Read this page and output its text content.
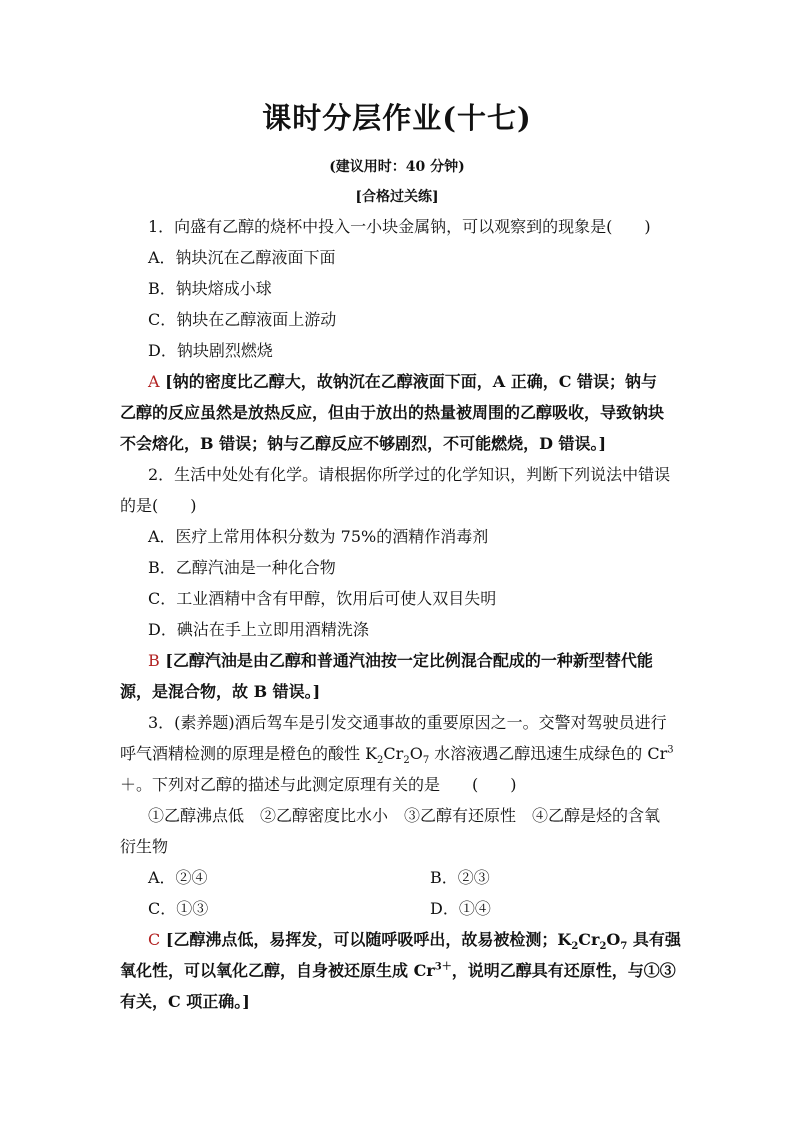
课时分层作业(十七)
(建议用时：40 分钟)
[合格过关练]
1．向盛有乙醇的烧杯中投入一小块金属钠，可以观察到的现象是(　　)
A．钠块沉在乙醇液面下面
B．钠块熔成小球
C．钠块在乙醇液面上游动
D．钠块剧烈燃烧
A [钠的密度比乙醇大，故钠沉在乙醇液面下面，A 正确，C 错误；钠与
乙醇的反应虽然是放热反应，但由于放出的热量被周围的乙醇吸收，导致钠块
不会熔化，B 错误；钠与乙醇反应不够剧烈，不可能燃烧，D 错误。]
2．生活中处处有化学。请根据你所学过的化学知识，判断下列说法中错误
的是(　　)
A．医疗上常用体积分数为 75%的酒精作消毒剂
B．乙醇汽油是一种化合物
C．工业酒精中含有甲醇，饮用后可使人双目失明
D．碘沾在手上立即用酒精洗涤
B [乙醇汽油是由乙醇和普通汽油按一定比例混合配成的一种新型替代能
源，是混合物，故 B 错误。]
3．(素养题)酒后驾车是引发交通事故的重要原因之一。交警对驾驶员进行
呼气酒精检测的原理是橙色的酸性 $K_2Cr_2O_7$ 水溶液遇乙醇迅速生成绿色的 $Cr^3$
＋。下列对乙醇的描述与此测定原理有关的是　　(　　)
①乙醇沸点低　②乙醇密度比水小　③乙醇有还原性　④乙醇是烃的含氧
衍生物
A．②④	B．②③
C．①③	D．①④
C [乙醇沸点低，易挥发，可以随呼吸呼出，故易被检测；$K_2Cr_2O_7$ 具有强
氧化性，可以氧化乙醇，自身被还原生成 $Cr^{3+}$，说明乙醇具有还原性，与①③
有关，C 项正确。]
